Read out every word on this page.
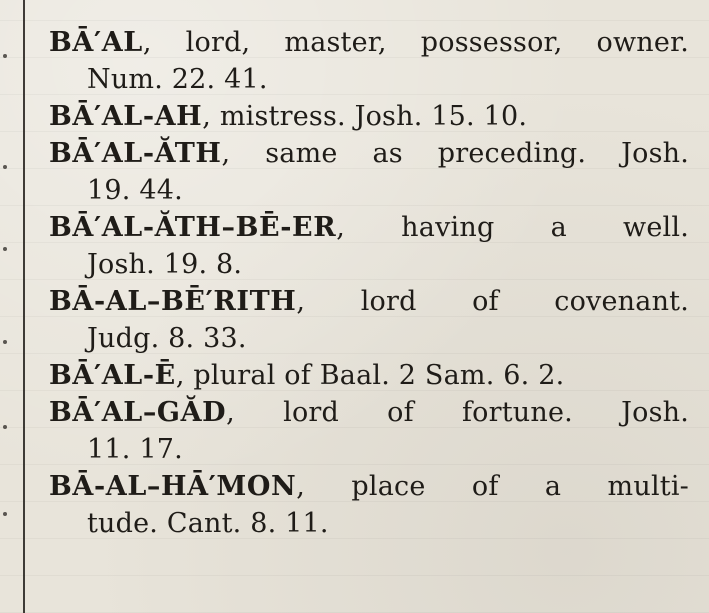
BĀ′AL, lord, master, possessor, owner.
Num. 22. 41.
BĀ′AL-AH, mistress. Josh. 15. 10.
BĀ′AL-ĂTH, same as preceding. Josh.
19. 44.
BĀ′AL-ĂTH–BĒ-ER, having a well.
Josh. 19. 8.
BĀ-AL–BĒ′RITH, lord of covenant.
Judg. 8. 33.
BĀ′AL-Ē, plural of Baal. 2 Sam. 6. 2.
BĀ′AL–GĂD, lord of fortune. Josh.
11. 17.
BĀ-AL–HĀ′MON, place of a multi-
tude. Cant. 8. 11.
